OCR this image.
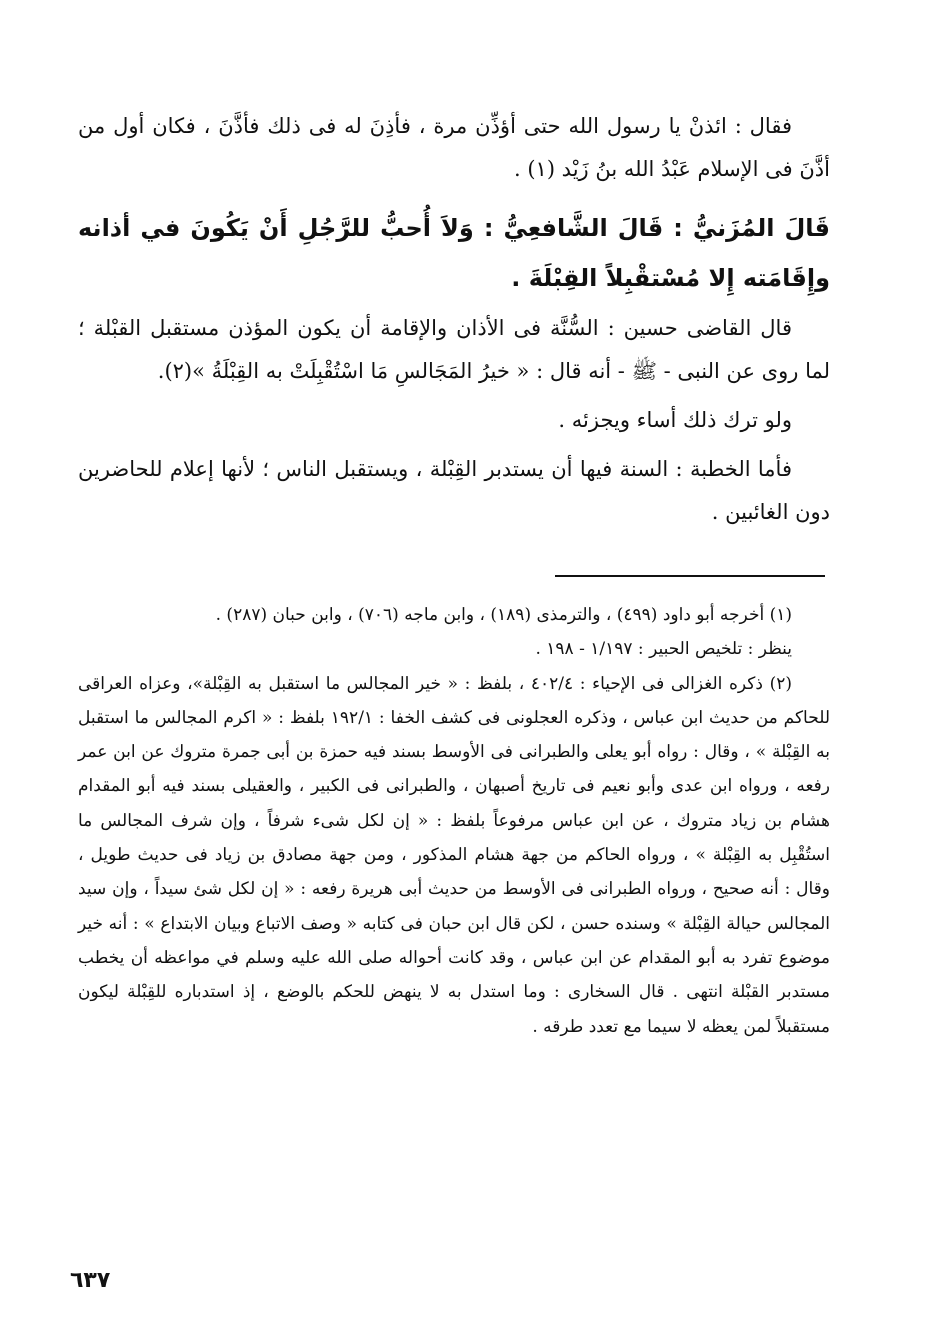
فقال : ائذنْ يا رسول الله حتى أؤذِّن مرة ، فأذِنَ له فى ذلك فأذَّنَ ، فكان أول من أذَّنَ فى الإسلام عَبْدُ الله بنُ زَيْد (١) .

قَالَ المُزَنيُّ : قَالَ الشَّافعِيُّ : وَلاَ أُحبُّ للرَّجُلِ أَنْ يَكُونَ في أذانه وإِقَامَته إِلا مُسْتقْبِلاً القِبْلَةَ .

قال القاضى حسين : السُّنَّة فى الأذان والإقامة أن يكون المؤذن مستقبل القبْلة ؛ لما روى عن النبى - ﷺ - أنه قال : « خيرُ المَجَالسِ مَا اسْتُقْبِلَتْ به القِبْلَةُ »(٢).

ولو ترك ذلك أساء ويجزئه .

فأما الخطبة : السنة فيها أن يستدبر القِبْلة ، ويستقبل الناس ؛ لأنها إعلام للحاضرين دون الغائبين .

(١) أخرجه أبو داود (٤٩٩) ، والترمذى (١٨٩) ، وابن ماجه (٧٠٦) ، وابن حبان (٢٨٧) .

ينظر : تلخيص الحبير : ١/١٩٧ - ١٩٨ .

(٢) ذكره الغزالى فى الإحياء : ٤٠٢/٤ ، بلفظ : « خير المجالس ما استقبل به القِبْلة»، وعزاه العراقى للحاكم من حديث ابن عباس ، وذكره العجلونى فى كشف الخفا : ١٩٢/١ بلفظ : « اكرم المجالس ما استقبل به القِبْلة » ، وقال : رواه أبو يعلى والطبرانى فى الأوسط بسند فيه حمزة بن أبى جمرة متروك عن ابن عمر رفعه ، ورواه ابن عدى وأبو نعيم فى تاريخ أصبهان ، والطبرانى فى الكبير ، والعقيلى بسند فيه أبو المقدام هشام بن زياد متروك ، عن ابن عباس مرفوعاً بلفظ : « إن لكل شىء شرفاً ، وإن شرف المجالس ما استُقْبِل به القِبْلة » ، ورواه الحاكم من جهة هشام المذكور ، ومن جهة مصادق بن زياد فى حديث طويل ، وقال : أنه صحيح ، ورواه الطبرانى فى الأوسط من حديث أبى هريرة رفعه : « إن لكل شئ سيداً ، وإن سيد المجالس حيالة القِبْلة » وسنده حسن ، لكن قال ابن حبان فى كتابه « وصف الاتباع وبيان الابتداع » : أنه خير موضوع تفرد به أبو المقدام عن ابن عباس ، وقد كانت أحواله صلى الله عليه وسلم في مواعظه أن يخطب مستدبر القبْلة انتهى . قال السخارى : وما استدل به لا ينهض للحكم بالوضع ، إذ استدباره للقِبْلة ليكون مستقبلاً لمن يعظه لا سيما مع تعدد طرقه .

٦٣٧
